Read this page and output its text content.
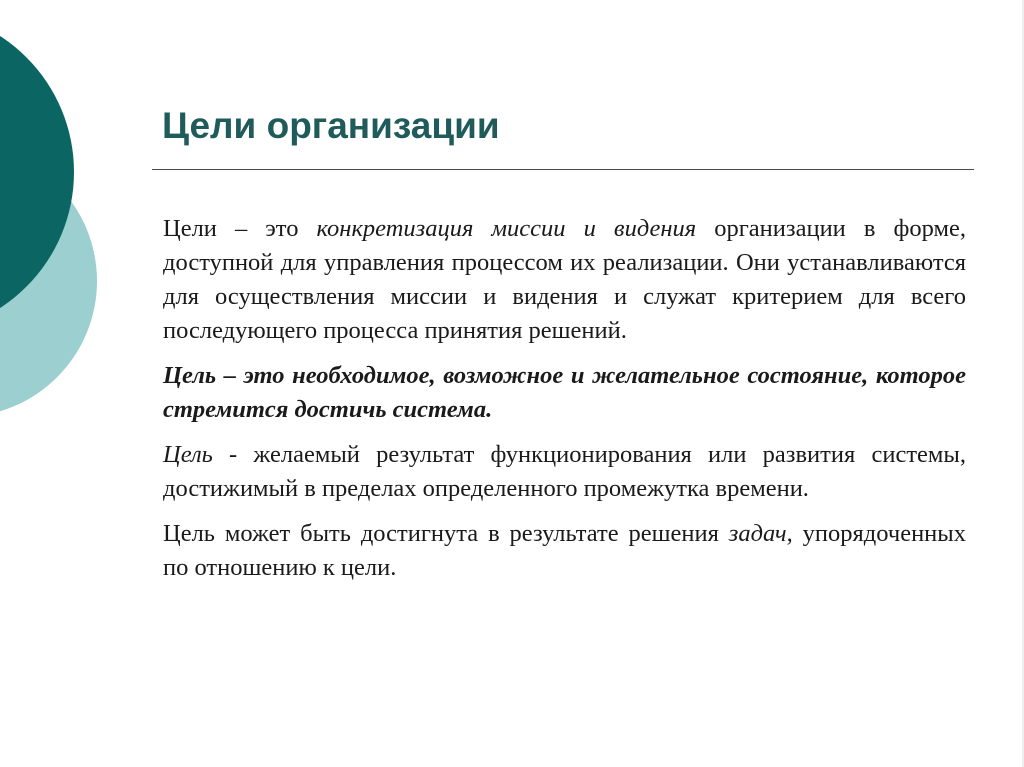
Цели организации

Цели – это конкретизация миссии и видения организации в форме, доступной для управления процессом их реализации. Они устанавливаются для осуществления миссии и видения и служат критерием для всего последующего процесса принятия решений.

Цель – это необходимое, возможное и желательное состояние, которое стремится достичь система.

Цель - желаемый результат функционирования или развития системы, достижимый в пределах определенного промежутка времени.

Цель может быть достигнута в результате решения задач, упорядоченных по отношению к цели.
